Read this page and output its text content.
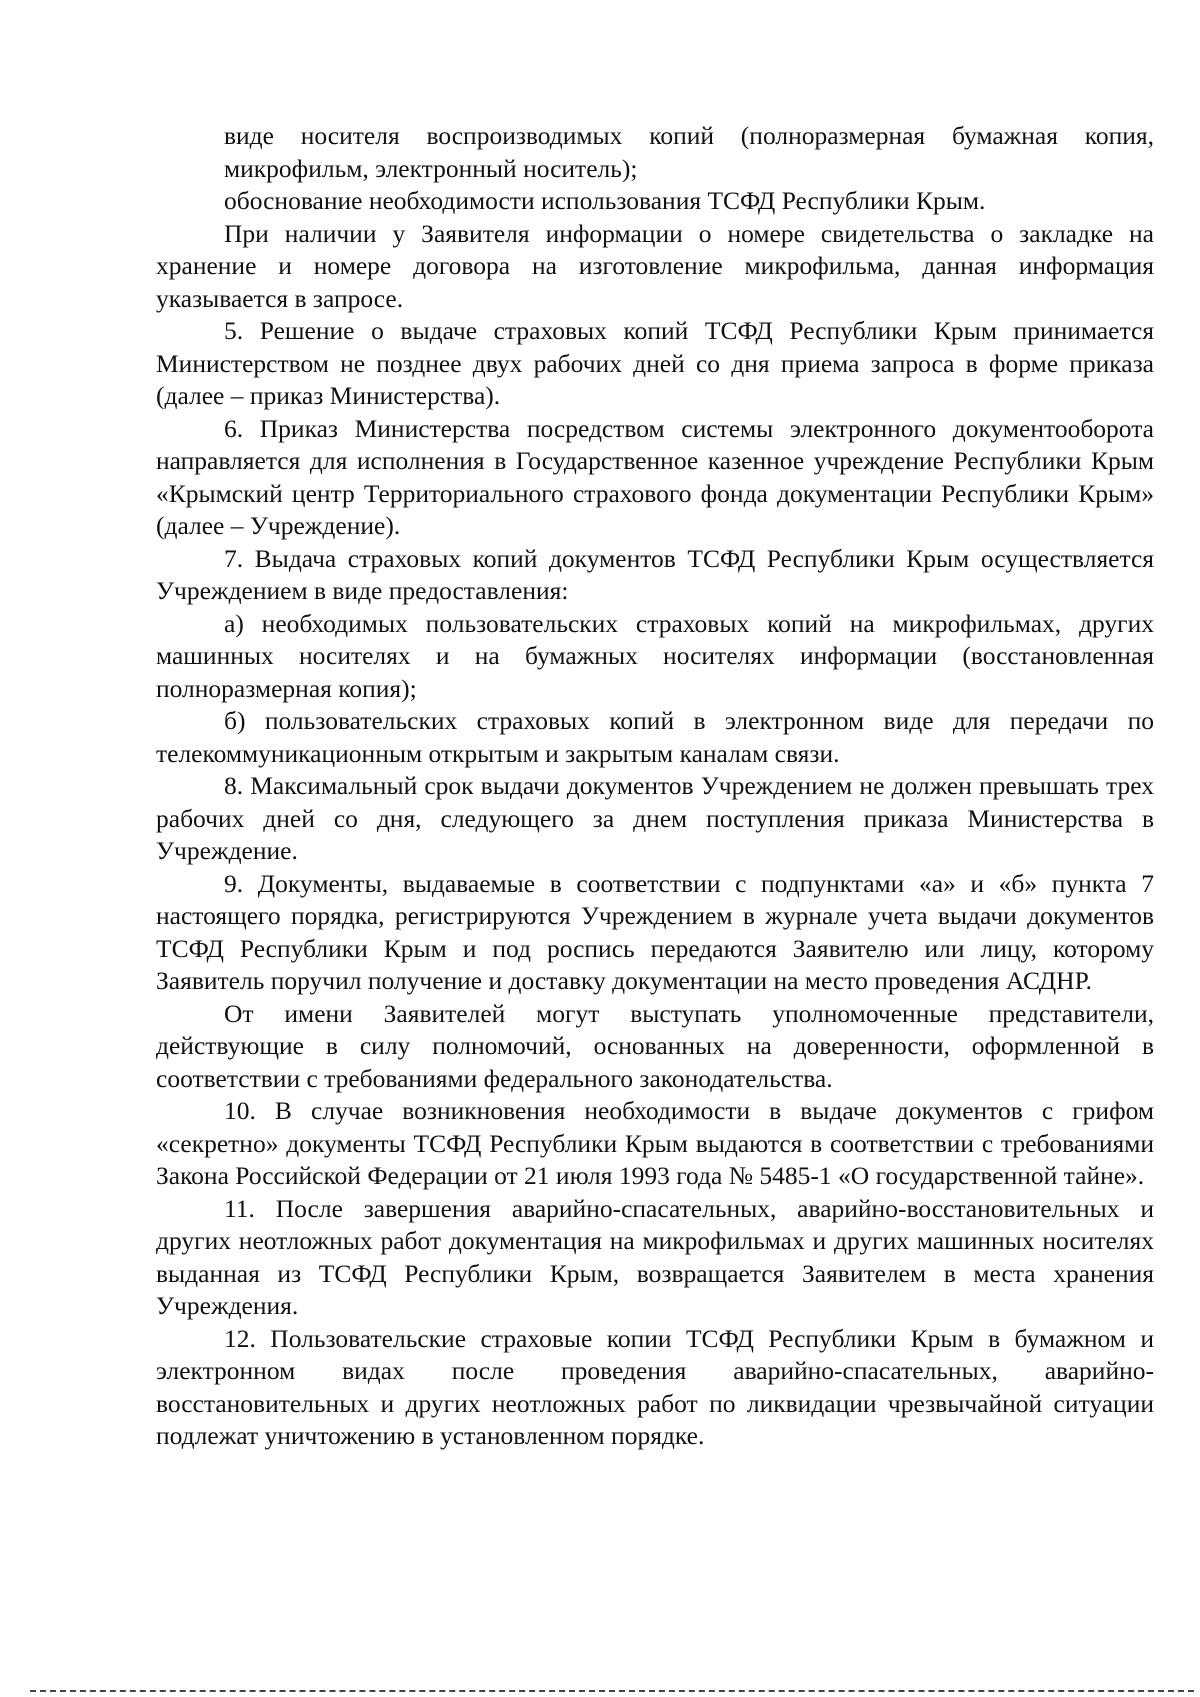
виде носителя воспроизводимых копий (полноразмерная бумажная копия, микрофильм, электронный носитель);

обоснование необходимости использования ТСФД Республики Крым.

При наличии у Заявителя информации о номере свидетельства о закладке на хранение и номере договора на изготовление микрофильма, данная информация указывается в запросе.

5. Решение о выдаче страховых копий ТСФД Республики Крым принимается Министерством не позднее двух рабочих дней со дня приема запроса в форме приказа (далее – приказ Министерства).

6. Приказ Министерства посредством системы электронного документооборота направляется для исполнения в Государственное казенное учреждение Республики Крым «Крымский центр Территориального страхового фонда документации Республики Крым» (далее – Учреждение).

7. Выдача страховых копий документов ТСФД Республики Крым осуществляется Учреждением в виде предоставления:

а) необходимых пользовательских страховых копий на микрофильмах, других машинных носителях и на бумажных носителях информации (восстановленная полноразмерная копия);

б) пользовательских страховых копий в электронном виде для передачи по телекоммуникационным открытым и закрытым каналам связи.

8. Максимальный срок выдачи документов Учреждением не должен превышать трех рабочих дней со дня, следующего за днем поступления приказа Министерства в Учреждение.

9. Документы, выдаваемые в соответствии с подпунктами «а» и «б» пункта 7 настоящего порядка, регистрируются Учреждением в журнале учета выдачи документов ТСФД Республики Крым и под роспись передаются Заявителю или лицу, которому Заявитель поручил получение и доставку документации на место проведения АСДНР.

От имени Заявителей могут выступать уполномоченные представители, действующие в силу полномочий, основанных на доверенности, оформленной в соответствии с требованиями федерального законодательства.

10. В случае возникновения необходимости в выдаче документов с грифом «секретно» документы ТСФД Республики Крым выдаются в соответствии с требованиями Закона Российской Федерации от 21 июля 1993 года № 5485-1 «О государственной тайне».

11. После завершения аварийно-спасательных, аварийно-восстановительных и других неотложных работ документация на микрофильмах и других машинных носителях выданная из ТСФД Республики Крым, возвращается Заявителем в места хранения Учреждения.

12. Пользовательские страховые копии ТСФД Республики Крым в бумажном и электронном видах после проведения аварийно-спасательных, аварийно-восстановительных и других неотложных работ по ликвидации чрезвычайной ситуации подлежат уничтожению в установленном порядке.
